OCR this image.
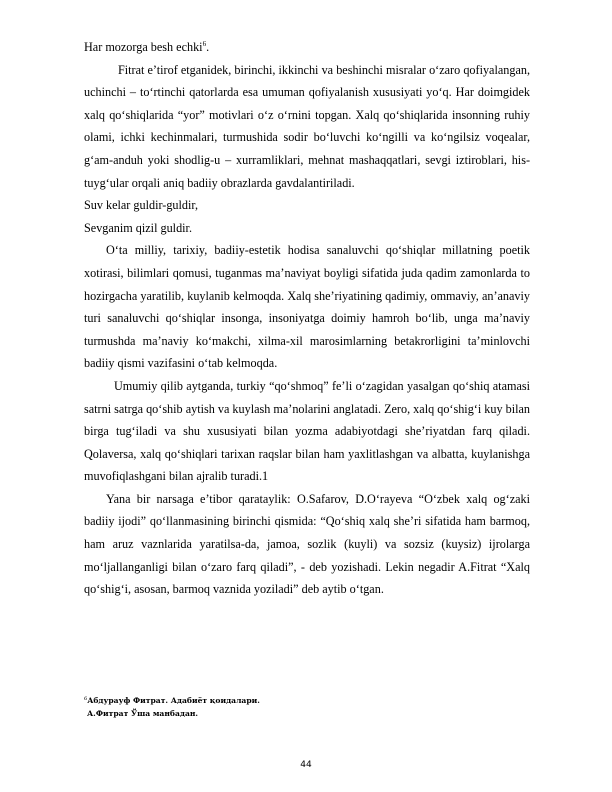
Har mozorga besh echki$^6$.

Fitrat e’tirof etganidek, birinchi, ikkinchi va beshinchi misralar o‘zaro qofiyalangan, uchinchi – to‘rtinchi qatorlarda esa umuman qofiyalanish xususiyati yo‘q. Har doimgidek xalq qo‘shiqlarida “yor” motivlari o‘z o‘rnini topgan. Xalq qo‘shiqlarida insonning ruhiy olami, ichki kechinmalari, turmushida sodir bo‘luvchi ko‘ngilli va ko‘ngilsiz voqealar, g‘am-anduh yoki shodlig-u – xurramliklari, mehnat mashaqqatlari, sevgi iztiroblari, his-tuyg‘ular orqali aniq badiiy obrazlarda gavdalantiriladi.

Suv kelar guldir-guldir,

Sevganim qizil guldir.

O‘ta milliy, tarixiy, badiiy-estetik hodisa sanaluvchi qo‘shiqlar millatning poetik xotirasi, bilimlari qomusi, tuganmas ma’naviyat boyligi sifatida juda qadim zamonlarda to hozirgacha yaratilib, kuylanib kelmoqda. Xalq she’riyatining qadimiy, ommaviy, an’anaviy turi sanaluvchi qo‘shiqlar insonga, insoniyatga doimiy hamroh bo‘lib, unga ma’naviy turmushda ma’naviy ko‘makchi, xilma-xil marosimlarning betakrorligini ta’minlovchi badiiy qismi vazifasini o‘tab kelmoqda.

Umumiy qilib aytganda, turkiy “qo‘shmoq” fe’li o‘zagidan yasalgan qo‘shiq atamasi satrni satrga qo‘shib aytish va kuylash ma’nolarini anglatadi. Zero, xalq qo‘shig‘i kuy bilan birga tug‘iladi va shu xususiyati bilan yozma adabiyotdagi she’riyatdan farq qiladi. Qolaversa, xalq qo‘shiqlari tarixan raqslar bilan ham yaxlitlashgan va albatta, kuylanishga muvofiqlashgani bilan ajralib turadi.1

Yana bir narsaga e’tibor qarataylik: O.Safarov, D.O‘rayeva “O‘zbek xalq og‘zaki badiiy ijodi” qo‘llanmasining birinchi qismida: “Qo‘shiq xalq she’ri sifatida ham barmoq, ham aruz vaznlarida yaratilsa-da, jamoa, sozlik (kuyli) va sozsiz (kuysiz) ijrolarga mo‘ljallanganligi bilan o‘zaro farq qiladi”, - deb yozishadi. Lekin negadir A.Fitrat “Xalq qo‘shig‘i, asosan, barmoq vaznida yoziladi” deb aytib o‘tgan.

$^6$Абдурауф Фитрат. Адабиёт қоидалари.
А.Фитрат Ўша манбадан.
44
